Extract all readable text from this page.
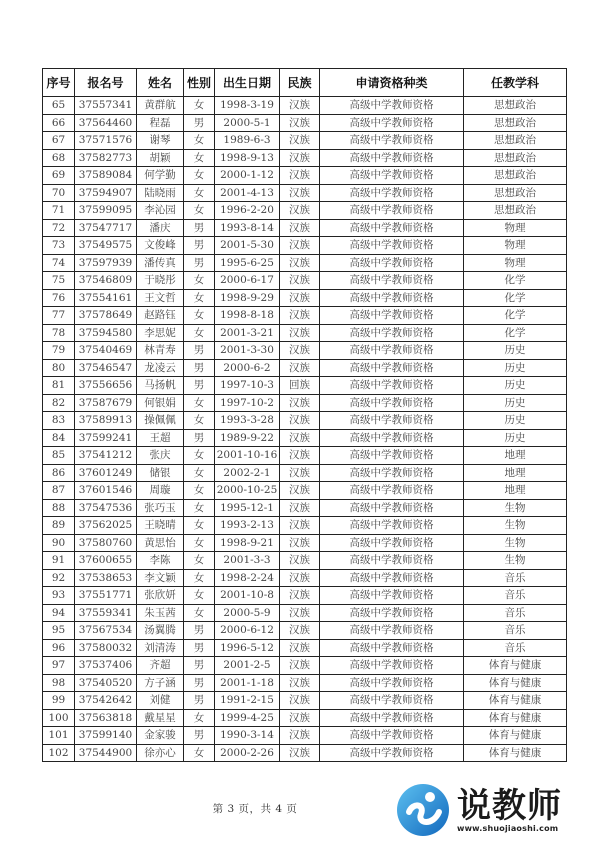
序号	报名号	姓名	性别	出生日期	民族	申请资格种类	任教学科
65	37557341	黄群航	女	1998-3-19	汉族	高级中学教师资格	思想政治
66	37564460	程磊	男	2000-5-1	汉族	高级中学教师资格	思想政治
67	37571576	谢琴	女	1989-6-3	汉族	高级中学教师资格	思想政治
68	37582773	胡颖	女	1998-9-13	汉族	高级中学教师资格	思想政治
69	37589084	何学勤	女	2000-1-12	汉族	高级中学教师资格	思想政治
70	37594907	陆晓雨	女	2001-4-13	汉族	高级中学教师资格	思想政治
71	37599095	李沁园	女	1996-2-20	汉族	高级中学教师资格	思想政治
72	37547717	潘庆	男	1993-8-14	汉族	高级中学教师资格	物理
73	37549575	文俊峰	男	2001-5-30	汉族	高级中学教师资格	物理
74	37597939	潘传真	男	1995-6-25	汉族	高级中学教师资格	物理
75	37546809	于晓彤	女	2000-6-17	汉族	高级中学教师资格	化学
76	37554161	王文哲	女	1998-9-29	汉族	高级中学教师资格	化学
77	37578649	赵路钰	女	1998-8-18	汉族	高级中学教师资格	化学
78	37594580	李思妮	女	2001-3-21	汉族	高级中学教师资格	化学
79	37540469	林青寿	男	2001-3-30	汉族	高级中学教师资格	历史
80	37546547	龙凌云	男	2000-6-2	汉族	高级中学教师资格	历史
81	37556656	马扬帆	男	1997-10-3	回族	高级中学教师资格	历史
82	37587679	何银娟	女	1997-10-2	汉族	高级中学教师资格	历史
83	37589913	操佩佩	女	1993-3-28	汉族	高级中学教师资格	历史
84	37599241	王超	男	1989-9-22	汉族	高级中学教师资格	历史
85	37541212	张庆	女	2001-10-16	汉族	高级中学教师资格	地理
86	37601249	储银	女	2002-2-1	汉族	高级中学教师资格	地理
87	37601546	周璇	女	2000-10-25	汉族	高级中学教师资格	地理
88	37547536	张巧玉	女	1995-12-1	汉族	高级中学教师资格	生物
89	37562025	王晓晴	女	1993-2-13	汉族	高级中学教师资格	生物
90	37580760	黄思怡	女	1998-9-21	汉族	高级中学教师资格	生物
91	37600655	李陈	女	2001-3-3	汉族	高级中学教师资格	生物
92	37538653	李文颖	女	1998-2-24	汉族	高级中学教师资格	音乐
93	37551771	张欣妍	女	2001-10-8	汉族	高级中学教师资格	音乐
94	37559341	朱玉茜	女	2000-5-9	汉族	高级中学教师资格	音乐
95	37567534	汤翼腾	男	2000-6-12	汉族	高级中学教师资格	音乐
96	37580032	刘清涛	男	1996-5-12	汉族	高级中学教师资格	音乐
97	37537406	齐超	男	2001-2-5	汉族	高级中学教师资格	体育与健康
98	37540520	方子涵	男	2001-1-18	汉族	高级中学教师资格	体育与健康
99	37542642	刘健	男	1991-2-15	汉族	高级中学教师资格	体育与健康
100	37563818	戴星星	女	1999-4-25	汉族	高级中学教师资格	体育与健康
101	37599140	金家骏	男	1990-3-14	汉族	高级中学教师资格	体育与健康
102	37544900	徐亦心	女	2000-2-26	汉族	高级中学教师资格	体育与健康
第 3 页，共 4 页	说教师
www.shuojiaoshi.com
